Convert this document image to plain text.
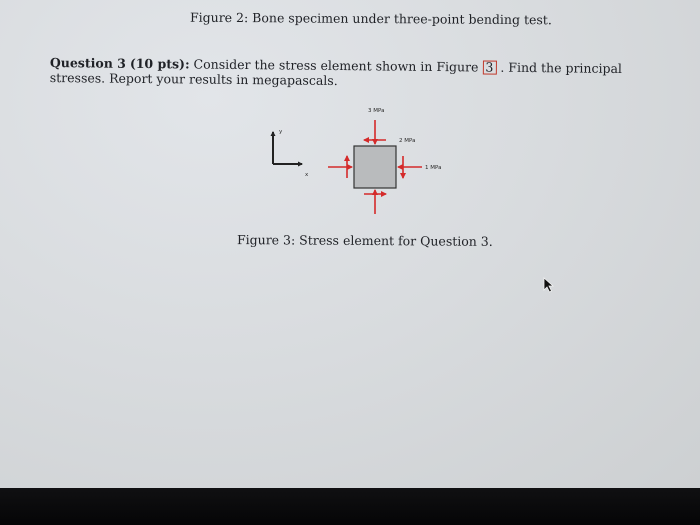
Figure 2: Bone specimen under three-point bending test.
Question 3 (10 pts): Consider the stress element shown in Figure 3 . Find the principal stresses. Report your results in megapascals.
y
x
3 MPa
2 MPa
1 MPa
Figure 3: Stress element for Question 3.
